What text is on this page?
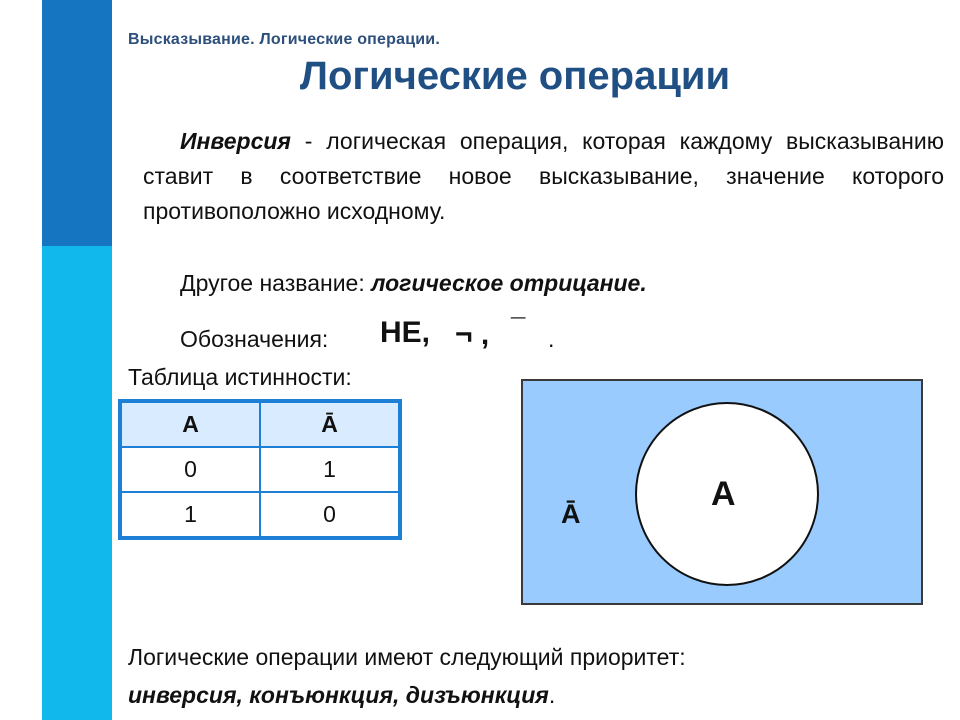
Высказывание. Логические операции.
Логические операции
Инверсия - логическая операция, которая каждому высказыванию ставит в соответствие новое высказывание, значение которого противоположно исходному.
Другое название: логическое отрицание.
Обозначения: НЕ, ¬ , ¯ .
Таблица истинности:
A	Ā
0	1
1	0
A
Ā
Логические операции имеют следующий приоритет:
инверсия, конъюнкция, дизъюнкция.
